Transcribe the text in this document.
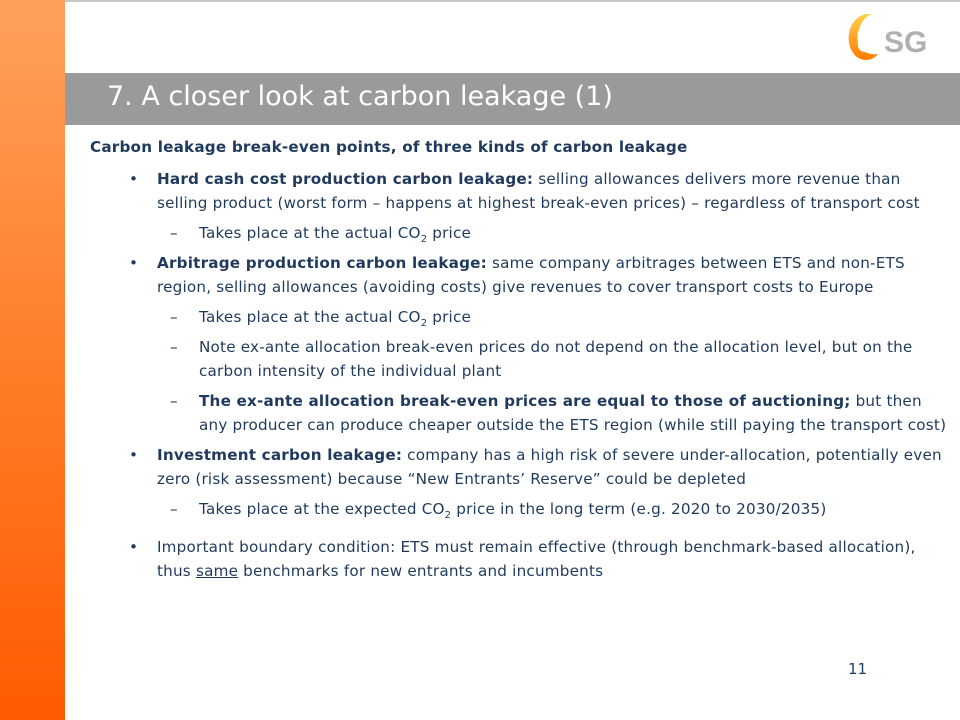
U SG
7. A closer look at carbon leakage (1)
Carbon leakage break-even points, of three kinds of carbon leakage
• Hard cash cost production carbon leakage: selling allowances delivers more revenue than selling product (worst form – happens at highest break-even prices) – regardless of transport cost
– Takes place at the actual $CO_2$ price
• Arbitrage production carbon leakage: same company arbitrages between ETS and non-ETS region, selling allowances (avoiding costs) give revenues to cover transport costs to Europe
– Takes place at the actual $CO_2$ price
– Note ex-ante allocation break-even prices do not depend on the allocation level, but on the carbon intensity of the individual plant
– The ex-ante allocation break-even prices are equal to those of auctioning; but then any producer can produce cheaper outside the ETS region (while still paying the transport cost)
• Investment carbon leakage: company has a high risk of severe under-allocation, potentially even zero (risk assessment) because “New Entrants’ Reserve” could be depleted
– Takes place at the expected $CO_2$ price in the long term (e.g. 2020 to 2030/2035)
• Important boundary condition: ETS must remain effective (through benchmark-based allocation), thus same benchmarks for new entrants and incumbents
11
